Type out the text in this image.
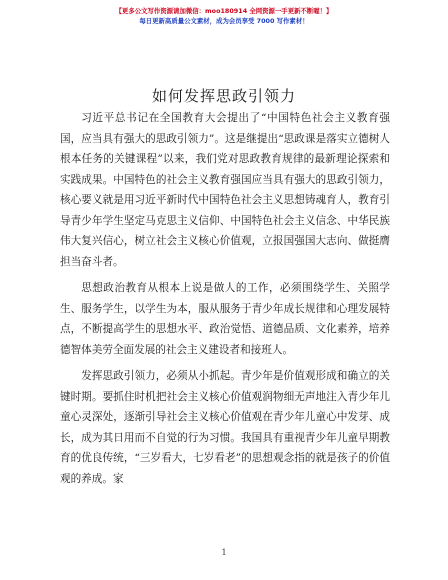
【更多公文写作资源请加微信：moo180914 全网资源一手更新不断喔！】
每日更新高质量公文素材，成为会员享受 7000 写作素材！
如何发挥思政引领力

习近平总书记在全国教育大会提出了“中国特色社会主义教育强国，应当具有强大的思政引领力”。这是继提出“思政课是落实立德树人根本任务的关键课程”以来，我们党对思政教育规律的最新理论探索和实践成果。中国特色的社会主义教育强国应当具有强大的思政引领力，核心要义就是用习近平新时代中国特色社会主义思想铸魂育人，教育引导青少年学生坚定马克思主义信仰、中国特色社会主义信念、中华民族伟大复兴信心，树立社会主义核心价值观，立报国强国大志向、做挺膺担当奋斗者。

思想政治教育从根本上说是做人的工作，必须围绕学生、关照学生、服务学生，以学生为本，服从服务于青少年成长规律和心理发展特点，不断提高学生的思想水平、政治觉悟、道德品质、文化素养，培养德智体美劳全面发展的社会主义建设者和接班人。

发挥思政引领力，必须从小抓起。青少年是价值观形成和确立的关键时期。要抓住时机把社会主义核心价值观润物细无声地注入青少年儿童心灵深处，逐渐引导社会主义核心价值观在青少年儿童心中发芽、成长，成为其日用而不自觉的行为习惯。我国具有重视青少年儿童早期教育的优良传统，“三岁看大，七岁看老”的思想观念指的就是孩子的价值观的养成。家

1
